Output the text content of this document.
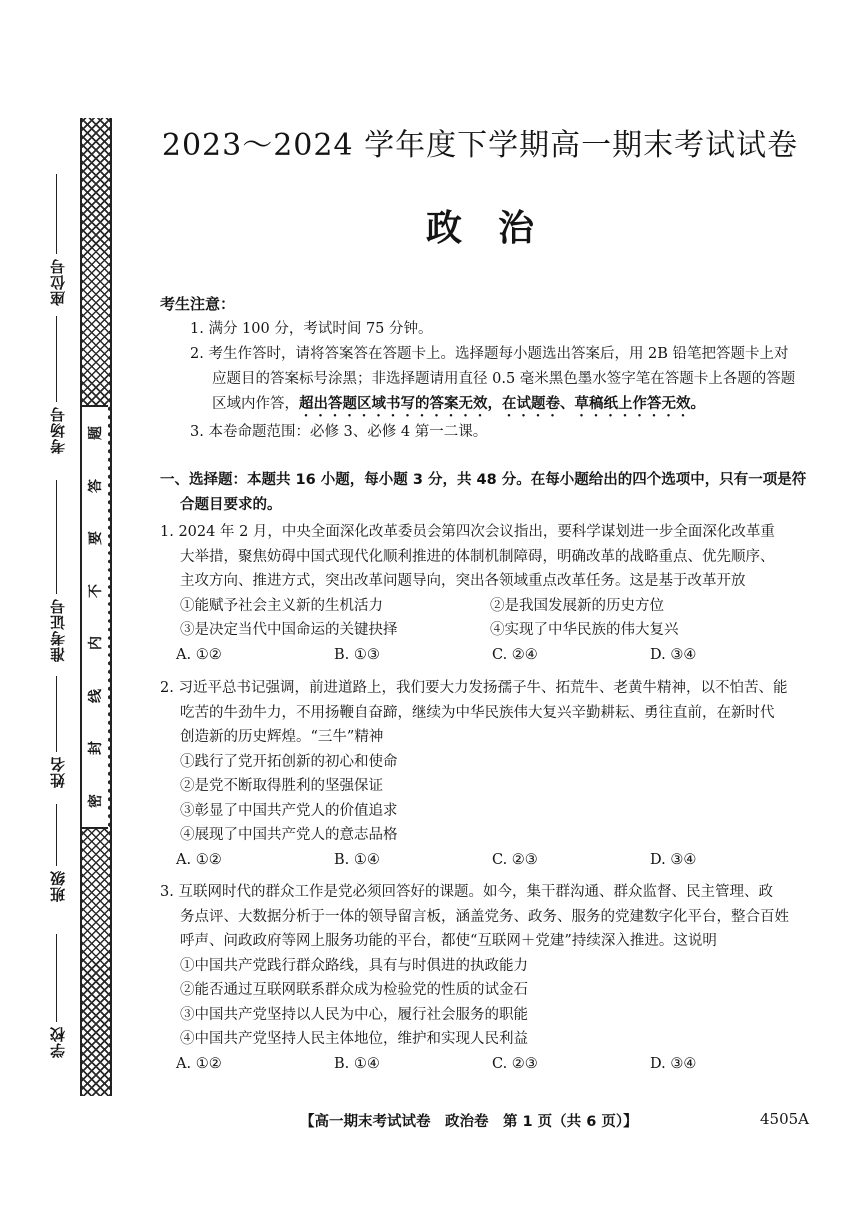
座位号
考场号
准考证号
姓名
班级
学校
题
答
要
不
内
线
封
密
2023～2024 学年度下学期高一期末考试试卷
政　治
考生注意：
1. 满分 100 分，考试时间 75 分钟。
2. 考生作答时，请将答案答在答题卡上。选择题每小题选出答案后，用 2B 铅笔把答题卡上对
应题目的答案标号涂黑；非选择题请用直径 0.5 毫米黑色墨水签字笔在答题卡上各题的答题
区域内作答，超出答题区域书写的答案无效，在试题卷、草稿纸上作答无效。
3. 本卷命题范围：必修 3、必修 4 第一二课。
一、选择题：本题共 16 小题，每小题 3 分，共 48 分。在每小题给出的四个选项中，只有一项是符
合题目要求的。

1. 2024 年 2 月，中央全面深化改革委员会第四次会议指出，要科学谋划进一步全面深化改革重

大举措，聚焦妨碍中国式现代化顺利推进的体制机制障碍，明确改革的战略重点、优先顺序、

主攻方向、推进方式，突出改革问题导向，突出各领域重点改革任务。这是基于改革开放

①能赋予社会主义新的生机活力	②是我国发展新的历史方位
③是决定当代中国命运的关键抉择	④实现了中华民族的伟大复兴
A. ①②	B. ①③	C. ②④	D. ③④

2. 习近平总书记强调，前进道路上，我们要大力发扬孺子牛、拓荒牛、老黄牛精神，以不怕苦、能

吃苦的牛劲牛力，不用扬鞭自奋蹄，继续为中华民族伟大复兴辛勤耕耘、勇往直前，在新时代

创造新的历史辉煌。“三牛”精神

①践行了党开拓创新的初心和使命

②是党不断取得胜利的坚强保证

③彰显了中国共产党人的价值追求

④展现了中国共产党人的意志品格

A. ①②	B. ①④	C. ②③	D. ③④

3. 互联网时代的群众工作是党必须回答好的课题。如今，集干群沟通、群众监督、民主管理、政

务点评、大数据分析于一体的领导留言板，涵盖党务、政务、服务的党建数字化平台，整合百姓

呼声、问政政府等网上服务功能的平台，都使“互联网＋党建”持续深入推进。这说明

①中国共产党践行群众路线，具有与时俱进的执政能力

②能否通过互联网联系群众成为检验党的性质的试金石

③中国共产党坚持以人民为中心，履行社会服务的职能

④中国共产党坚持人民主体地位，维护和实现人民利益

A. ①②	B. ①④	C. ②③	D. ③④
【高一期末考试试卷　政治卷　第 1 页（共 6 页）】	4505A
